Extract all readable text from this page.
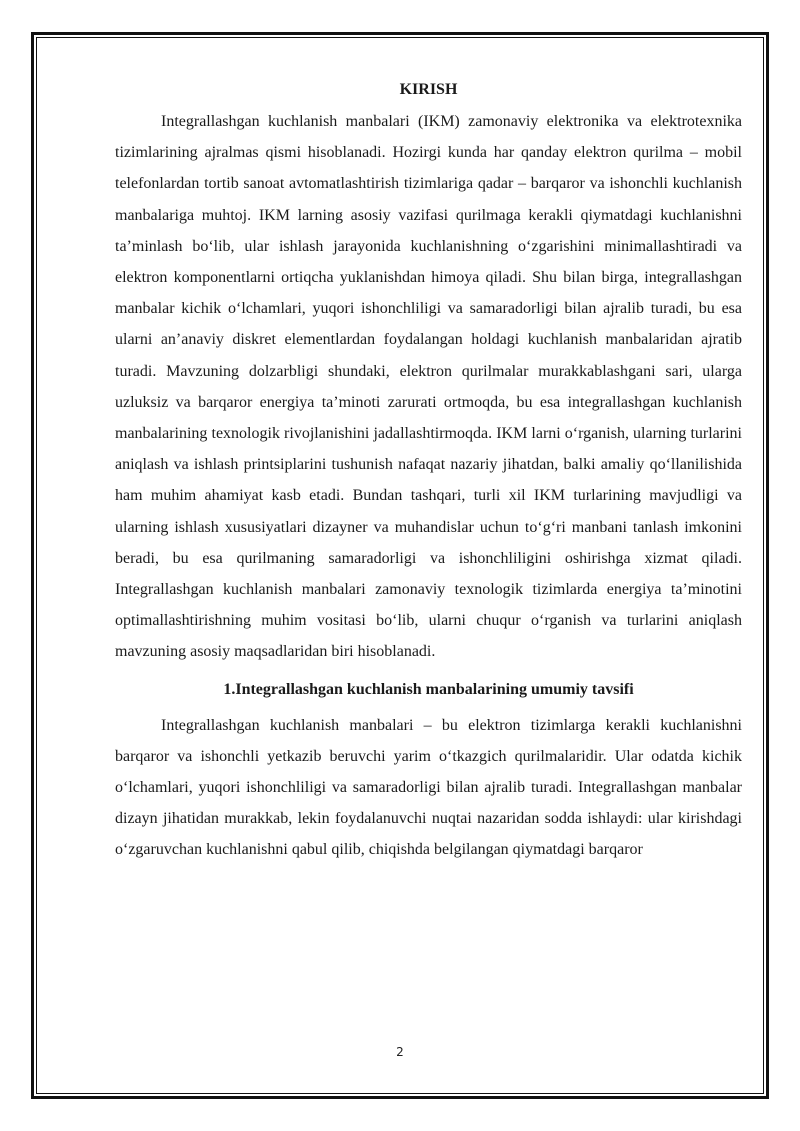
KIRISH

Integrallashgan kuchlanish manbalari (IKM) zamonaviy elektronika va elektrotexnika tizimlarining ajralmas qismi hisoblanadi. Hozirgi kunda har qanday elektron qurilma – mobil telefonlardan tortib sanoat avtomatlashtirish tizimlariga qadar – barqaror va ishonchli kuchlanish manbalariga muhtoj. IKM larning asosiy vazifasi qurilmaga kerakli qiymatdagi kuchlanishni ta’minlash bo‘lib, ular ishlash jarayonida kuchlanishning o‘zgarishini minimallashtiradi va elektron komponentlarni ortiqcha yuklanishdan himoya qiladi. Shu bilan birga, integrallashgan manbalar kichik o‘lchamlari, yuqori ishonchliligi va samaradorligi bilan ajralib turadi, bu esa ularni an’anaviy diskret elementlardan foydalangan holdagi kuchlanish manbalaridan ajratib turadi. Mavzuning dolzarbligi shundaki, elektron qurilmalar murakkablashgani sari, ularga uzluksiz va barqaror energiya ta’minoti zarurati ortmoqda, bu esa integrallashgan kuchlanish manbalarining texnologik rivojlanishini jadallashtirmoqda. IKM larni o‘rganish, ularning turlarini aniqlash va ishlash printsiplarini tushunish nafaqat nazariy jihatdan, balki amaliy qo‘llanilishida ham muhim ahamiyat kasb etadi. Bundan tashqari, turli xil IKM turlarining mavjudligi va ularning ishlash xususiyatlari dizayner va muhandislar uchun to‘g‘ri manbani tanlash imkonini beradi, bu esa qurilmaning samaradorligi va ishonchliligini oshirishga xizmat qiladi. Integrallashgan kuchlanish manbalari zamonaviy texnologik tizimlarda energiya ta’minotini optimallashtirishning muhim vositasi bo‘lib, ularni chuqur o‘rganish va turlarini aniqlash mavzuning asosiy maqsadlaridan biri hisoblanadi.

1.Integrallashgan kuchlanish manbalarining umumiy tavsifi

Integrallashgan kuchlanish manbalari – bu elektron tizimlarga kerakli kuchlanishni barqaror va ishonchli yetkazib beruvchi yarim o‘tkazgich qurilmalaridir. Ular odatda kichik o‘lchamlari, yuqori ishonchliligi va samaradorligi bilan ajralib turadi. Integrallashgan manbalar dizayn jihatidan murakkab, lekin foydalanuvchi nuqtai nazaridan sodda ishlaydi: ular kirishdagi o‘zgaruvchan kuchlanishni qabul qilib, chiqishda belgilangan qiymatdagi barqaror

2
